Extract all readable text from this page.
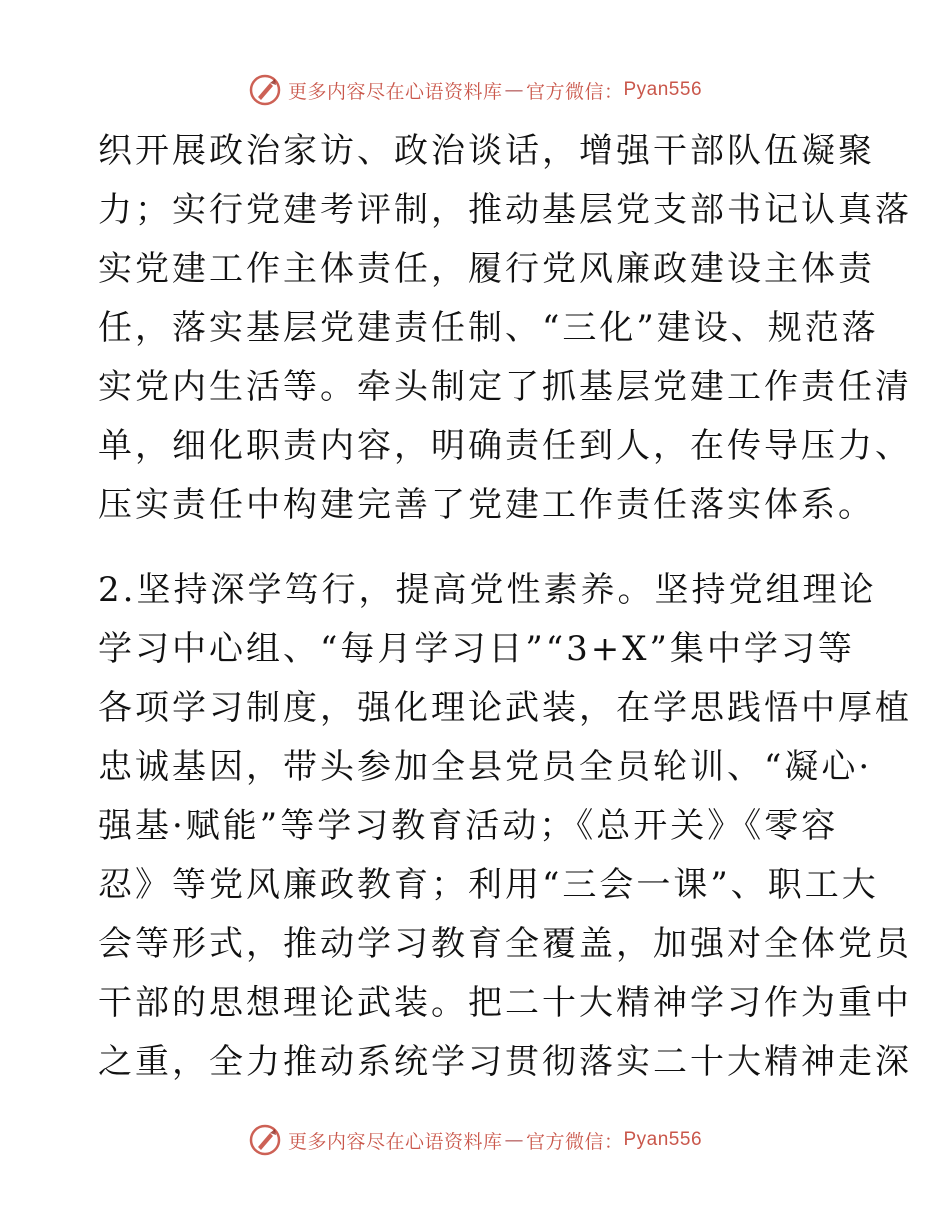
更多内容尽在心语资料库 — 官方微信： Pyan556

织开展政治家访、政治谈话，增强干部队伍凝聚
力；实行党建考评制，推动基层党支部书记认真落
实党建工作主体责任，履行党风廉政建设主体责
任，落实基层党建责任制、“三化”建设、规范落
实党内生活等。牵头制定了抓基层党建工作责任清
单，细化职责内容，明确责任到人，在传导压力、
压实责任中构建完善了党建工作责任落实体系。

2.坚持深学笃行，提高党性素养。坚持党组理论
学习中心组、“每月学习日”“3+X”集中学习等
各项学习制度，强化理论武装，在学思践悟中厚植
忠诚基因，带头参加全县党员全员轮训、“凝心·
强基·赋能”等学习教育活动；《总开关》《零容
忍》等党风廉政教育；利用“三会一课”、职工大
会等形式，推动学习教育全覆盖，加强对全体党员
干部的思想理论武装。把二十大精神学习作为重中
之重，全力推动系统学习贯彻落实二十大精神走深

更多内容尽在心语资料库 — 官方微信： Pyan556
